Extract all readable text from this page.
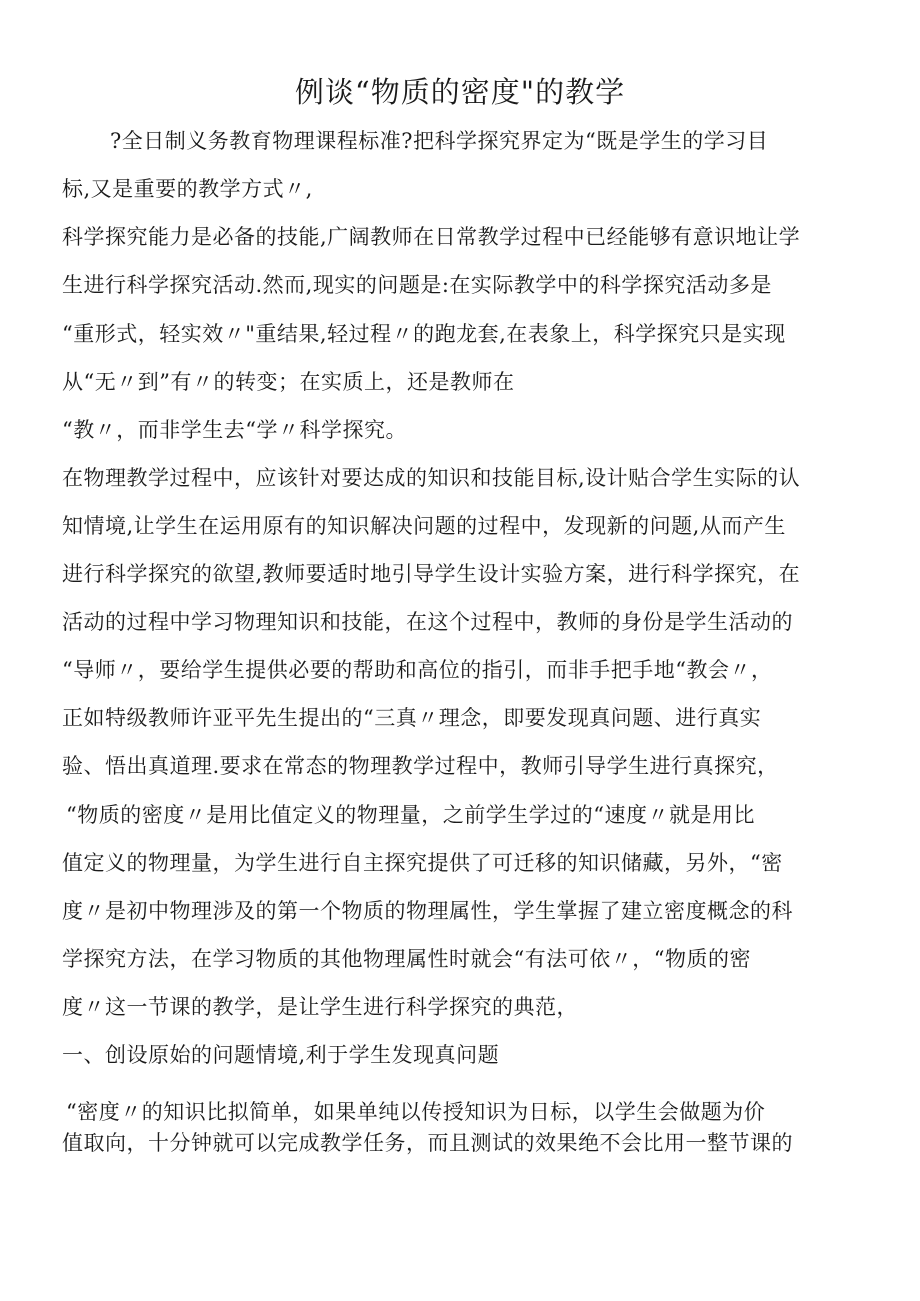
例谈“物质的密度"的教学
?全日制义务教育物理课程标准?把科学探究界定为“既是学生的学习目
标,又是重要的教学方式〃,
科学探究能力是必备的技能,广阔教师在日常教学过程中已经能够有意识地让学
生进行科学探究活动.然而,现实的问题是:在实际教学中的科学探究活动多是
“重形式，轻实效〃"重结果,轻过程〃的跑龙套,在表象上，科学探究只是实现
从“无〃到”有〃的转变；在实质上，还是教师在
“教〃，而非学生去“学〃科学探究。
在物理教学过程中，应该针对要达成的知识和技能目标,设计贴合学生实际的认
知情境,让学生在运用原有的知识解决问题的过程中，发现新的问题,从而产生
进行科学探究的欲望,教师要适时地引导学生设计实验方案，进行科学探究，在
活动的过程中学习物理知识和技能，在这个过程中，教师的身份是学生活动的
“导师〃，要给学生提供必要的帮助和高位的指引，而非手把手地“教会〃，
正如特级教师许亚平先生提出的“三真〃理念，即要发现真问题、进行真实
验、悟出真道理.要求在常态的物理教学过程中，教师引导学生进行真探究，
“物质的密度〃是用比值定义的物理量，之前学生学过的“速度〃就是用比
值定义的物理量，为学生进行自主探究提供了可迁移的知识储藏，另外，“密
度〃是初中物理涉及的第一个物质的物理属性，学生掌握了建立密度概念的科
学探究方法，在学习物质的其他物理属性时就会“有法可依〃，“物质的密
度〃这一节课的教学，是让学生进行科学探究的典范，
一、创设原始的问题情境,利于学生发现真问题
“密度〃的知识比拟简单，如果单纯以传授知识为日标，以学生会做题为价
值取向，十分钟就可以完成教学任务，而且测试的效果绝不会比用一整节课的
